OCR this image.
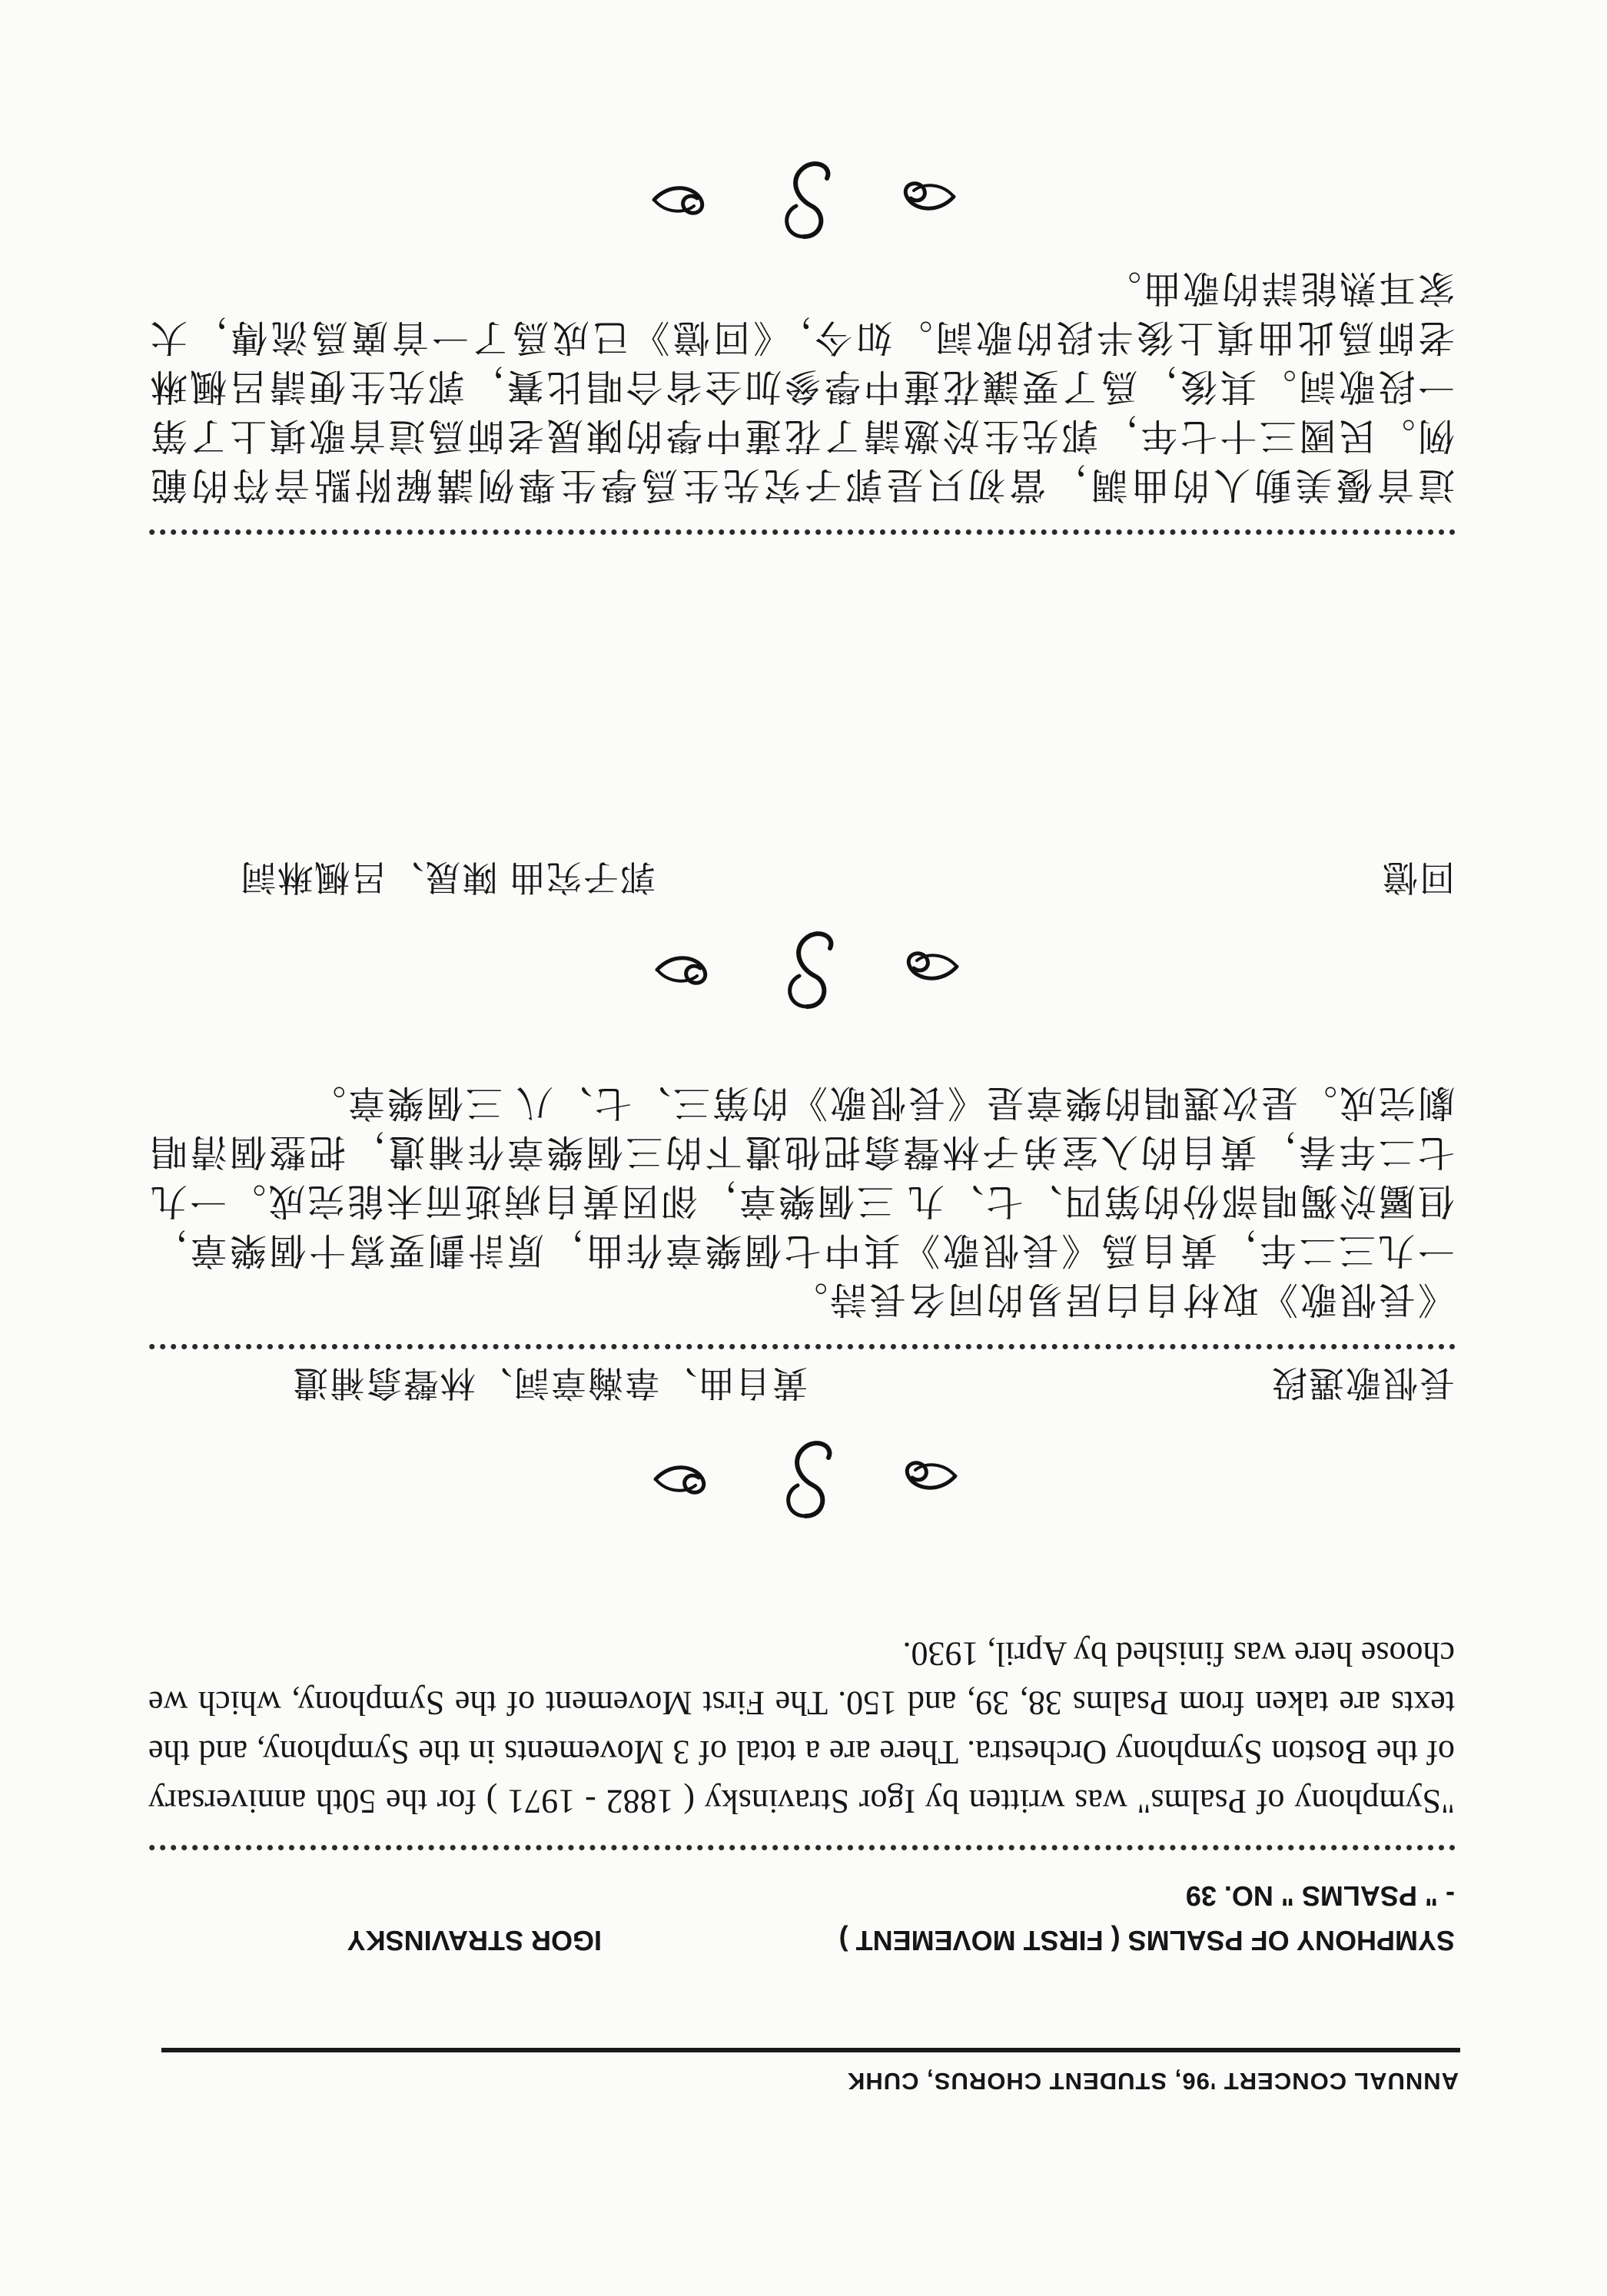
ANNUAL CONCERT '96, STUDENT CHORUS, CUHK
SYMPHONY OF PSALMS ( FIRST MOVEMENT )
IGOR STRAVINSKY
- " PSALMS " NO. 39

"Symphony of Psalms" was written by Igor Stravinsky ( 1882 - 1971 ) for the 50th anniversary of the Boston Symphony Orchestra. There are a total of 3 Movements in the Symphony, and the texts are taken from Psalms 38, 39, and 150. The First Movement of the Symphony, which we choose here was finished by April, 1930.

長恨歌選段
黃自曲、韋瀚章詞、林聲翕補遺

《長恨歌》取材自白居易的同名長詩。

一九三二年，黃自爲《長恨歌》其中七個樂章作曲，原計劃要寫十個樂章，但屬於獨唱部份的第四、七、九 三個樂章，卻因黃自病逝而未能完成。一九七二年春，黃自的入室弟子林聲翕把他遺下的三個樂章作補遺，把整個清唱劇完成。是次選唱的樂章是《長恨歌》的第三、七、八 三個樂章。

回憶
郭子究曲 陳晟、呂楓琳詞

這首優美動人的曲調，當初只是郭子究先生爲學生舉例講解附點音符的範例。民國三十七年，郭先生於邀請了花蓮中學的陳晟老師爲這首歌填上了第一段歌詞。其後，爲了要讓花蓮中學參加全省合唱比賽，郭先生便請呂楓琳老師爲此曲填上後半段的歌詞。如今，《回憶》已成爲了一首廣爲流傳，大家耳熟能詳的歌曲。
